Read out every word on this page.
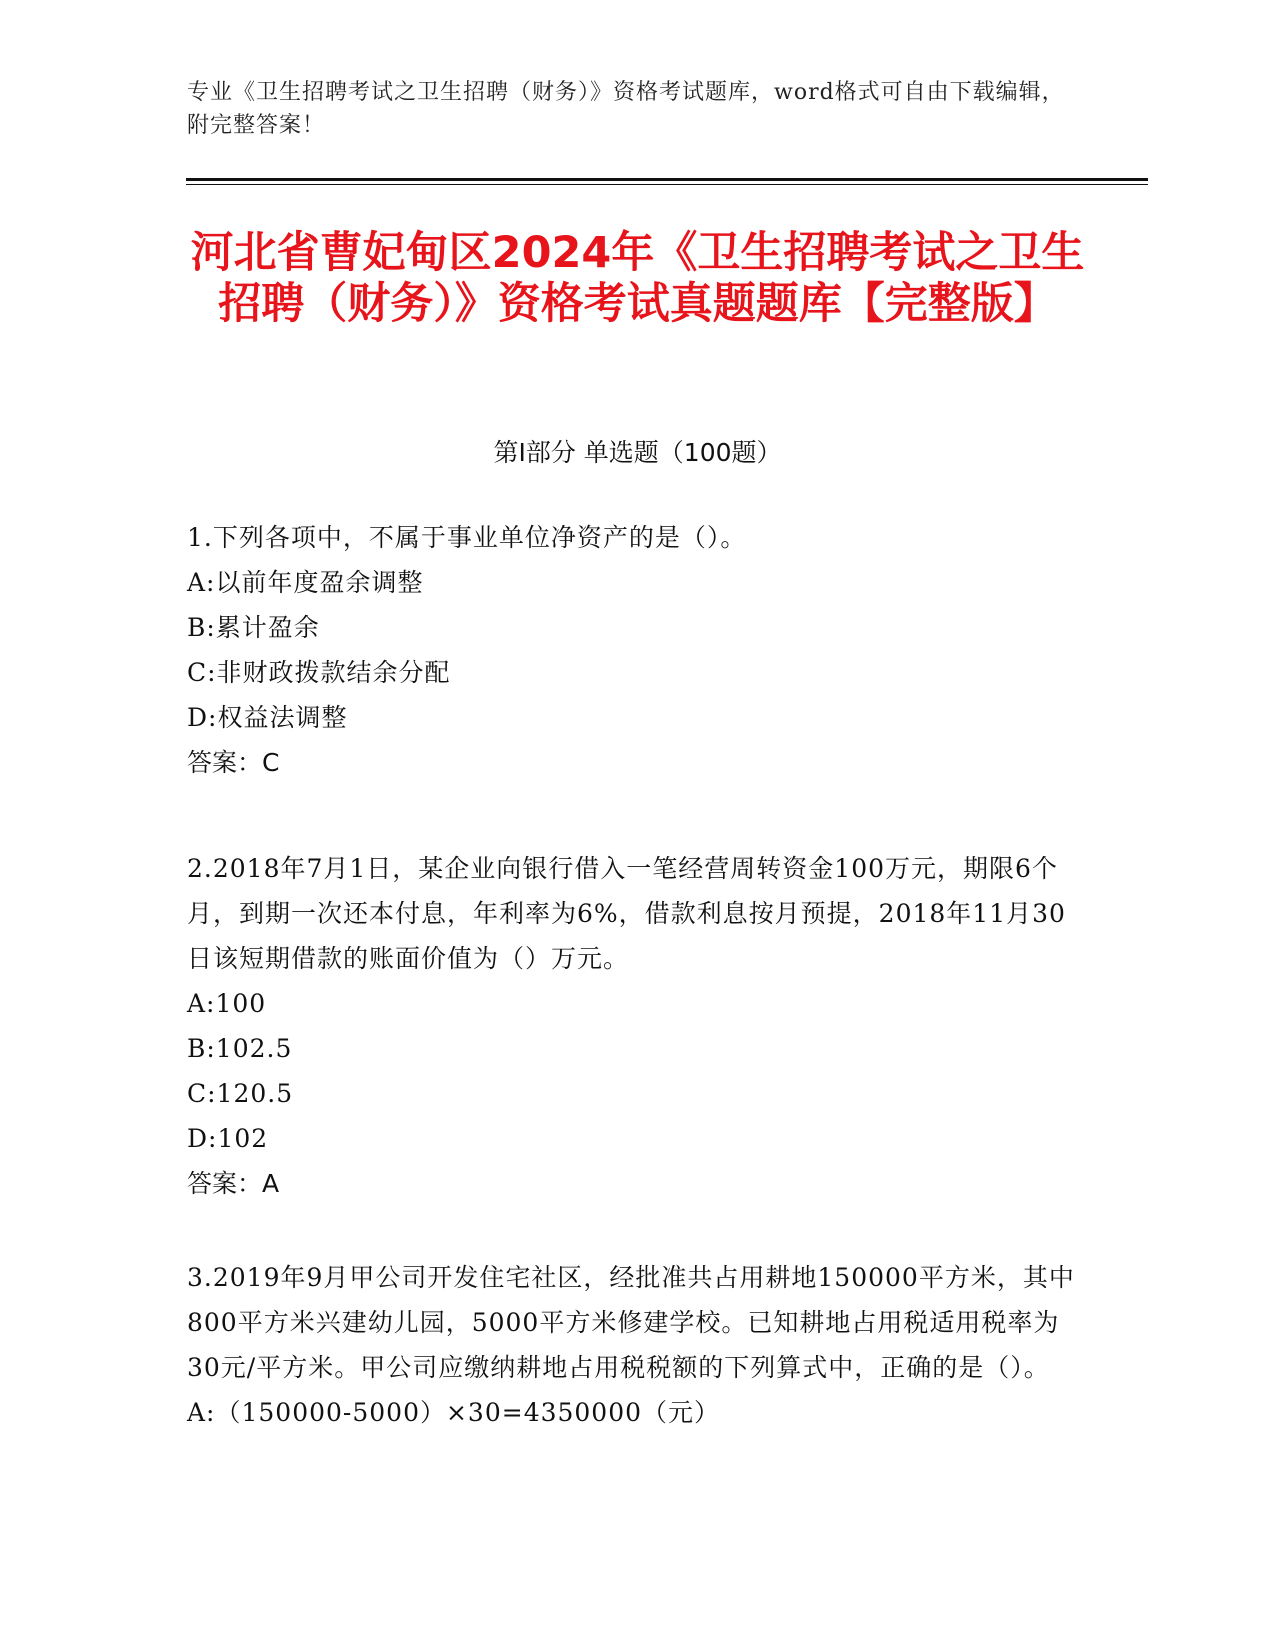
专业《卫生招聘考试之卫生招聘（财务）》资格考试题库，word格式可自由下载编辑，附完整答案！
河北省曹妃甸区2024年《卫生招聘考试之卫生招聘（财务）》资格考试真题题库【完整版】
第I部分 单选题（100题）
1.下列各项中，不属于事业单位净资产的是（）。
A:以前年度盈余调整
B:累计盈余
C:非财政拨款结余分配
D:权益法调整
答案：C
2.2018年7月1日，某企业向银行借入一笔经营周转资金100万元，期限6个月，到期一次还本付息，年利率为6%，借款利息按月预提，2018年11月30日该短期借款的账面价值为（）万元。
A:100
B:102.5
C:120.5
D:102
答案：A
3.2019年9月甲公司开发住宅社区，经批准共占用耕地150000平方米，其中800平方米兴建幼儿园，5000平方米修建学校。已知耕地占用税适用税率为30元/平方米。甲公司应缴纳耕地占用税税额的下列算式中，正确的是（）。
A:（150000-5000）×30=4350000（元）
